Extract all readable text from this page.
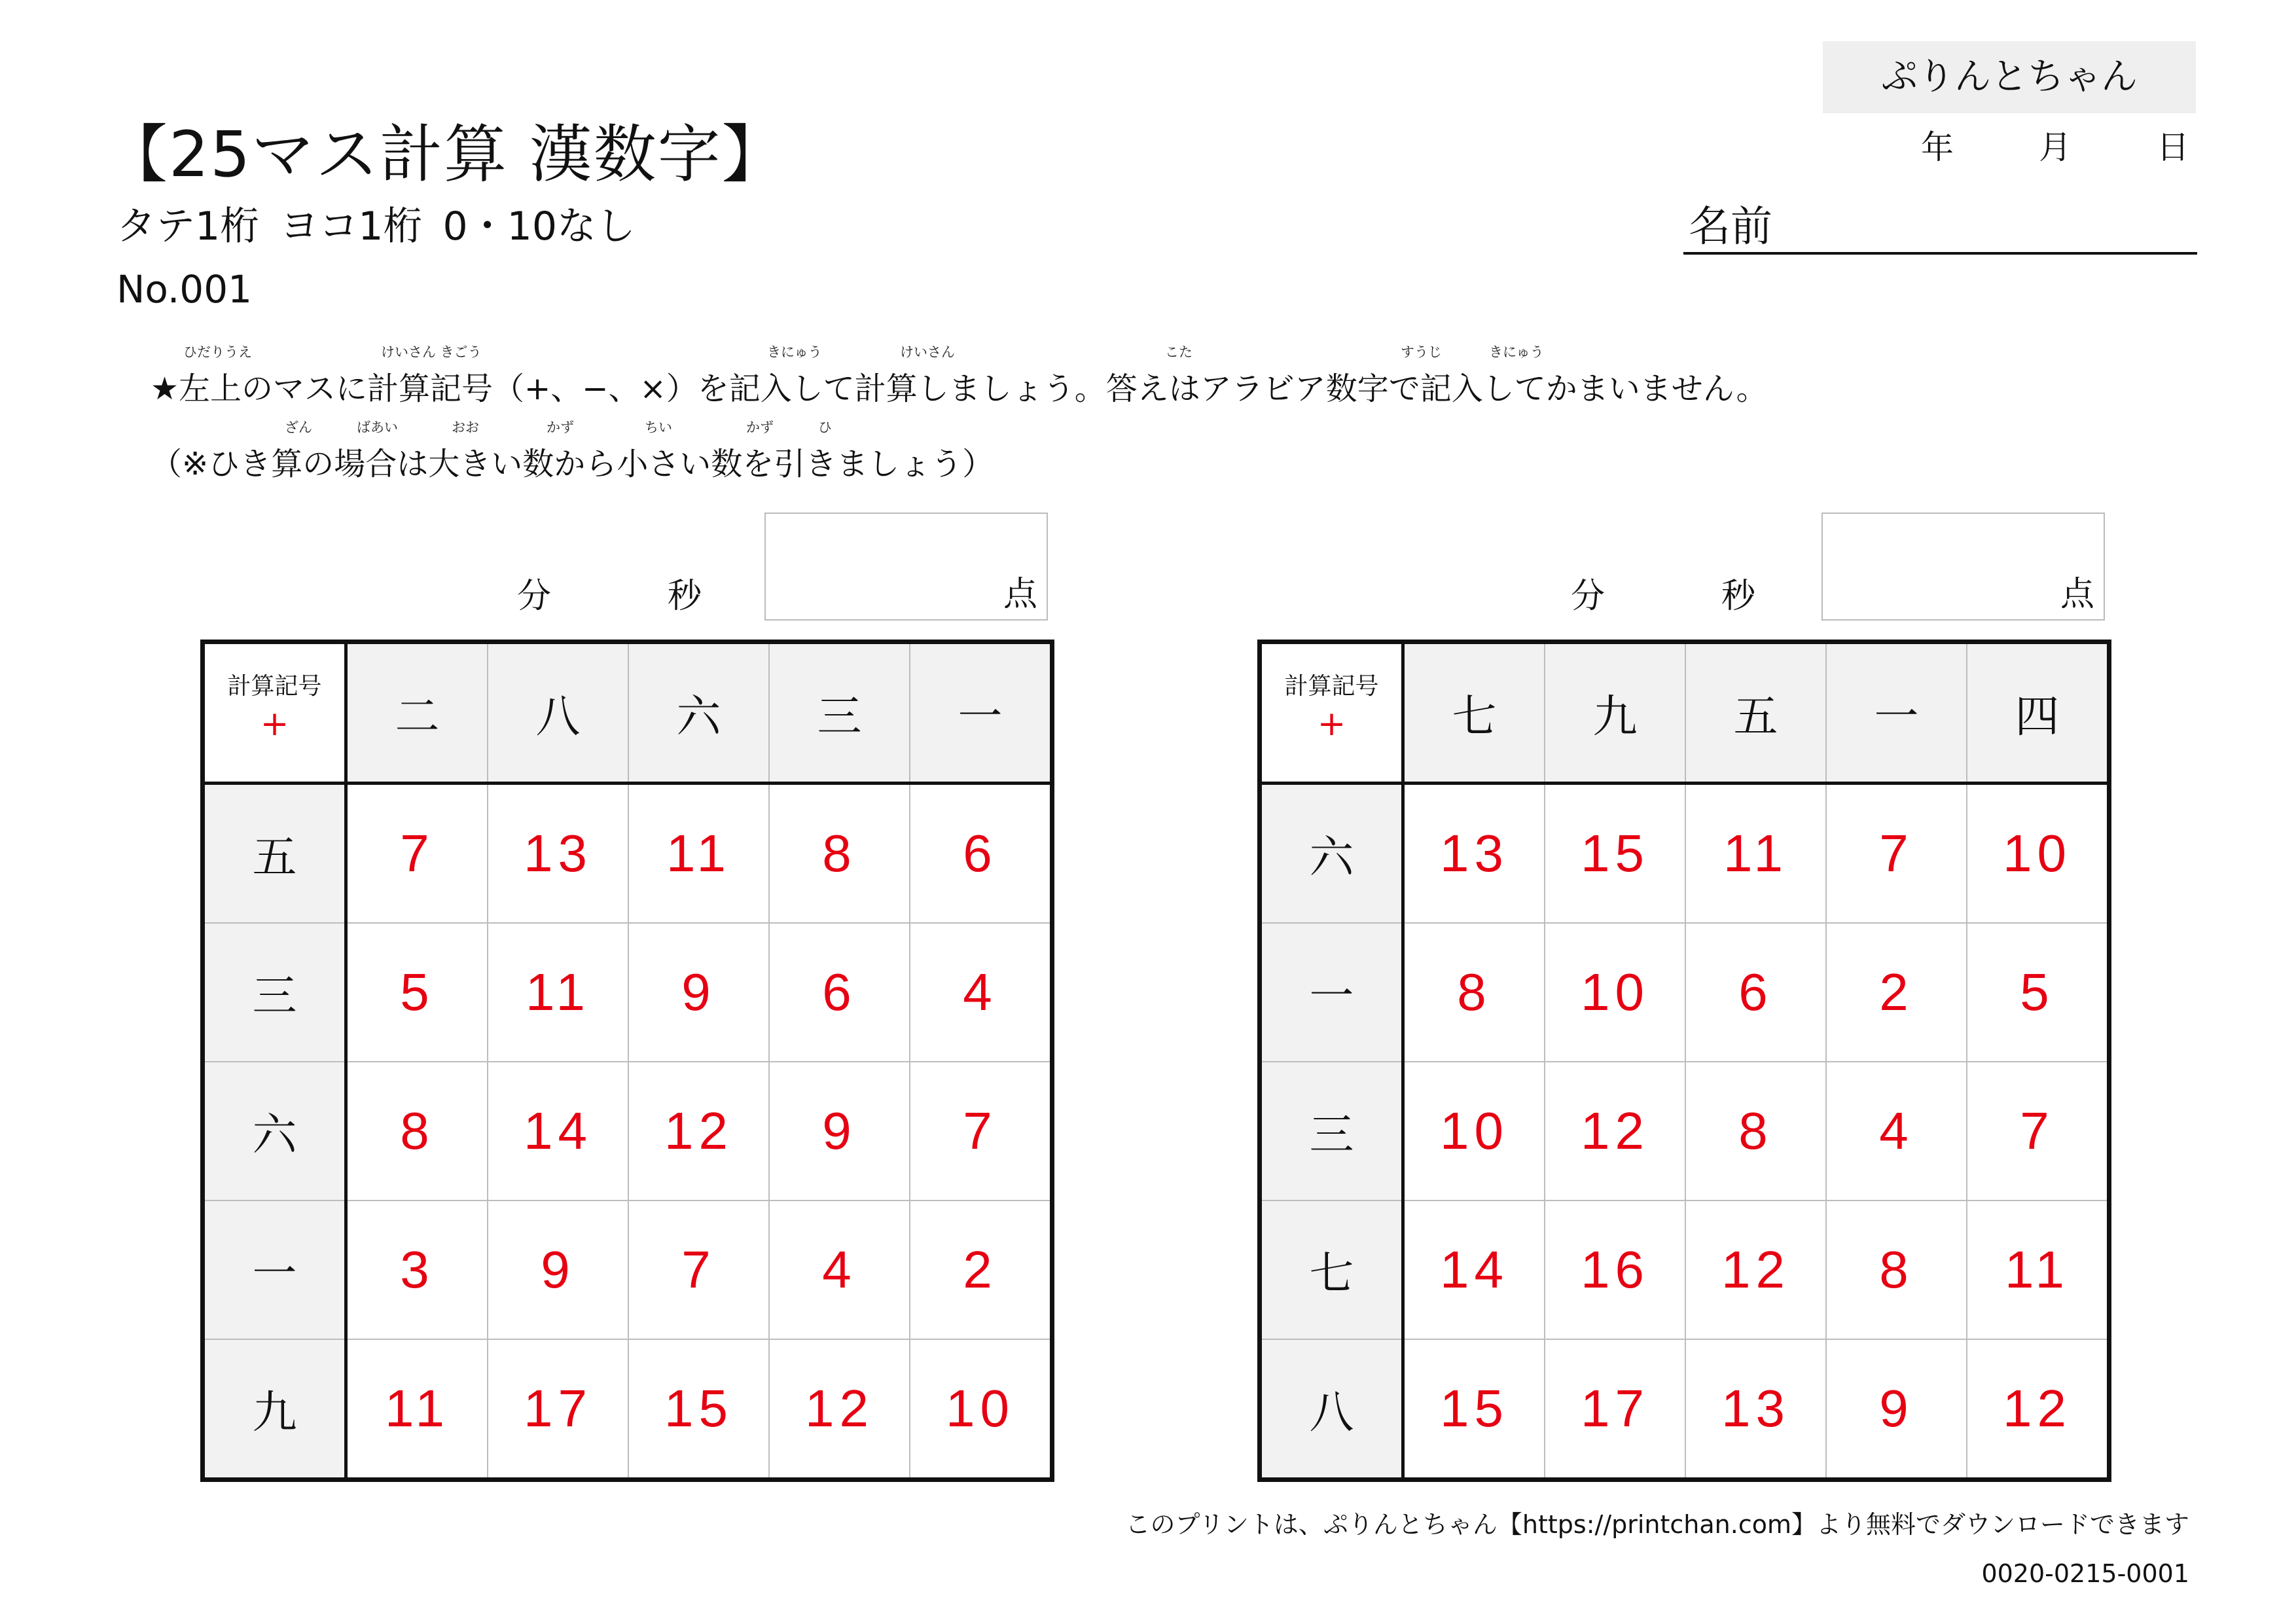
ぷりんとちゃん
年	月	日
名前
【25マス計算 漢数字】
タテ1桁 ヨコ1桁 0・10なし
No.001
ひだりうえ	けいさん きごう	きにゅう	けいさん	こた	すうじ	きにゅう
★左上のマスに計算記号（+、−、×）を記入して計算しましょう。答えはアラビア数字で記入してかまいません。
ざん	ばあい	おお	かず	ちい	かず	ひ
（※ひき算の場合は大きい数から小さい数を引きましょう）
分	秒	点	分	秒	点
計算記号
+	二	八	六	三	一
五	7	13	11	8	6
三	5	11	9	6	4
六	8	14	12	9	7
一	3	9	7	4	2
九	11	17	15	12	10
計算記号
+	七	九	五	一	四
六	13	15	11	7	10
一	8	10	6	2	5
三	10	12	8	4	7
七	14	16	12	8	11
八	15	17	13	9	12
このプリントは、ぷりんとちゃん【https://printchan.com】より無料でダウンロードできます
0020-0215-0001
